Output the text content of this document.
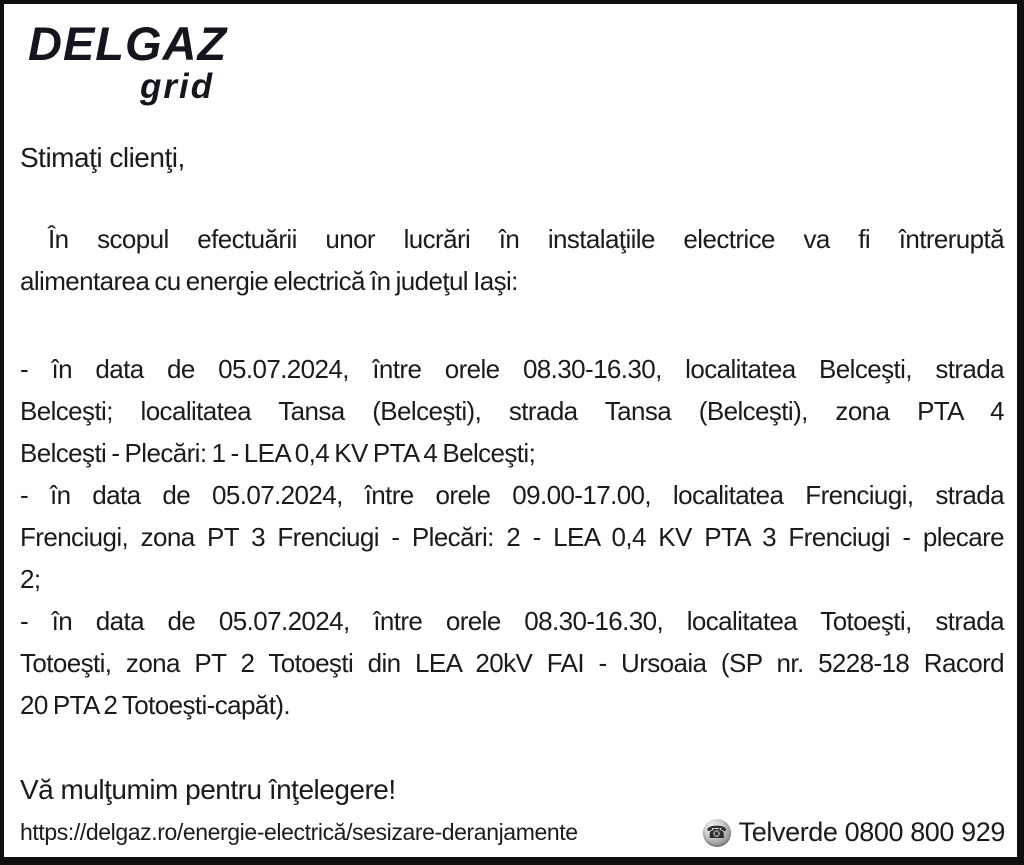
DELGAZ
grid
Stimaţi clienţi,
În scopul efectuării unor lucrări în instalaţiile electrice va fi întreruptă
alimentarea cu energie electrică în judeţul Iaşi:
- în data de 05.07.2024, între orele 08.30-16.30, localitatea Belceşti, strada
Belceşti; localitatea Tansa (Belceşti), strada Tansa (Belceşti), zona PTA 4
Belceşti - Plecări: 1 - LEA 0,4 KV PTA 4 Belceşti;
- în data de 05.07.2024, între orele 09.00-17.00, localitatea Frenciugi, strada
Frenciugi, zona PT 3 Frenciugi - Plecări: 2 - LEA 0,4 KV PTA 3 Frenciugi - plecare
2;
- în data de 05.07.2024, între orele 08.30-16.30, localitatea Totoeşti, strada
Totoeşti, zona PT 2 Totoeşti din LEA 20kV FAI - Ursoaia (SP nr. 5228-18 Racord
20 PTA 2 Totoeşti-capăt).
Vă mulţumim pentru înţelegere!
https://delgaz.ro/energie-electrică/sesizare-deranjamente	☎ Telverde 0800 800 929
